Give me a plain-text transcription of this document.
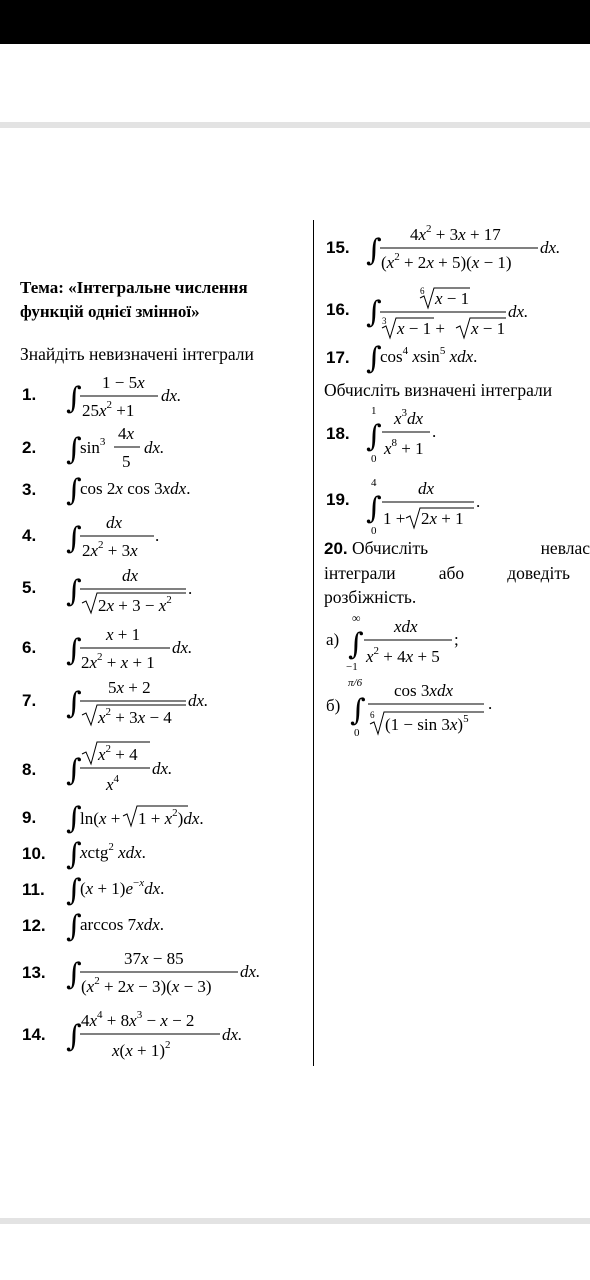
Тема: «Інтегральне числення функцій однієї змінної»
Знайдіть невизначені інтеграли
1. ∫ 1 − 5x
$25x^2 +1$
dx.
2. ∫
$\sin^3 4x$
5
dx.
3. ∫
cos 2x cos 3xdx.
4. ∫ dx
$2x^2 + 3x$
.
5. ∫ dx
$2x + 3 - x^2$
.
6. ∫ x + 1
$2x^2 + x + 1$
dx.
7. ∫ 5x + 2
$x^2 + 3x - 4$
dx.
8. ∫ $x^2 + 4$
$x^4$
dx.
9. ∫
$\ln(x + 1 + x^2)dx$.
10. ∫
xctg$^2$ xdx.
11. ∫
$(x + 1)e^{-x}dx$.
12. ∫
arccos 7xdx.
13. ∫ 37x − 85
$(x^2 + 2x - 3)(x - 3)$
dx.
14. ∫ $4x^4 + 8x^3 - x - 2$
$x(x + 1)^2$
dx.
15. ∫ $4x^2 + 3x + 17$
$(x^2 + 2x + 5)(x - 1)$
dx.
16. ∫
6 x − 1
3 x − 1 + x − 1
dx.
17. ∫
$\cos^4 xsin^5$ xdx.
Обчисліть визначені інтеграли
18.
1
∫
0
$x^3dx$
$x^8 + 1$
.
19.
4
∫
0
dx
1 + 2x + 1
.
20. Обчисліть	невлас
інтеграли або доведіть
розбіжність.
а)
∞
∫
−1
xdx
$x^2 + 4x + 5$
;
б)
π/6
∫
0
cos 3xdx
6 $(1 - \sin 3x)^5$
.
